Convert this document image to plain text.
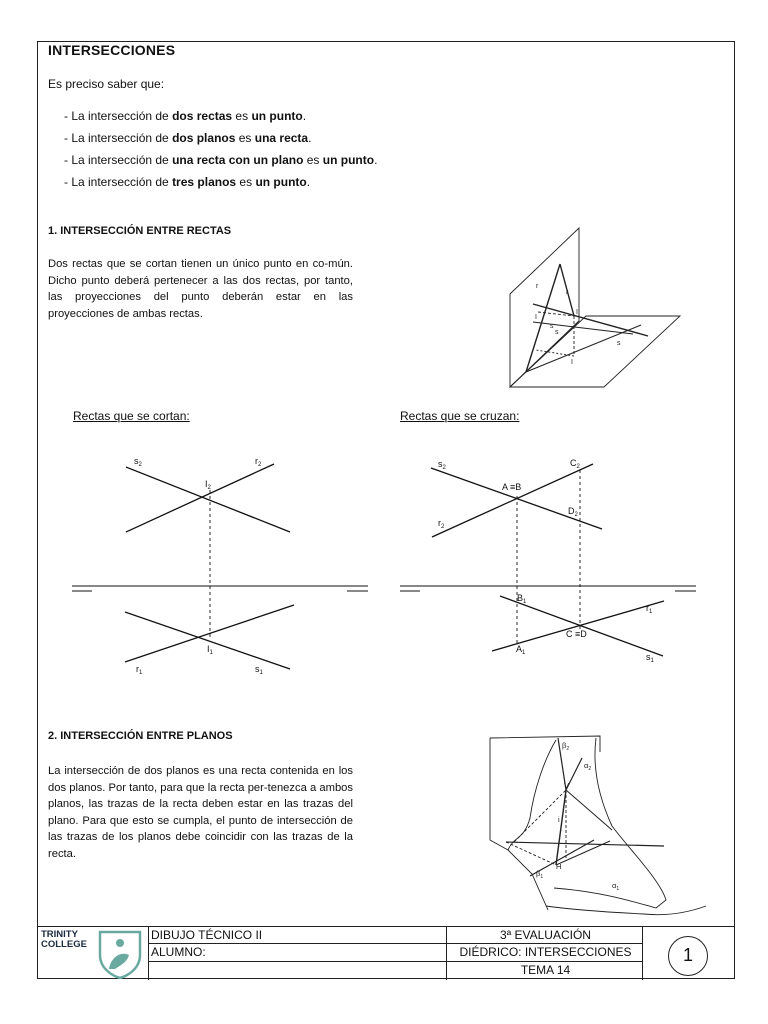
INTERSECCIONES
Es preciso saber que:
- La intersección de dos rectas es un punto.
- La intersección de dos planos es una recta.
- La intersección de una recta con un plano es un punto.
- La intersección de tres planos es un punto.
1. INTERSECCIÓN ENTRE RECTAS
Dos rectas que se cortan tienen un único punto en co-mún. Dicho punto deberá pertenecer a las dos rectas, por tanto, las proyecciones del punto deberán estar en las proyecciones de ambas rectas.
r
r
s
s
I
I
I
s
Rectas que se cortan:	Rectas que se cruzan:
$s_2$	$r_2$
$I_2$
$I_1$
$r_1$	$s_1$
$s_2$
$r_2$
A ≡B
$C_2$
$D_2$
$B_1$
$r_1$
C ≡D
$A_1$	$s_1$
2. INTERSECCIÓN ENTRE PLANOS
La intersección de dos planos es una recta contenida en los dos planos. Por tanto, para que la recta per-tenezca a ambos planos, las trazas de la recta deben estar en las trazas del plano. Para que esto se cumpla, el punto de intersección de las trazas de los planos debe coincidir con las trazas de la recta.
$\beta_2$
$\alpha_2$
V
i
H
$\beta_1$
$\alpha_1$
TRINITY
COLLEGE
DIBUJO TÉCNICO II
ALUMNO:
3ª EVALUACIÓN
DIÉDRICO: INTERSECCIONES
TEMA 14
1
